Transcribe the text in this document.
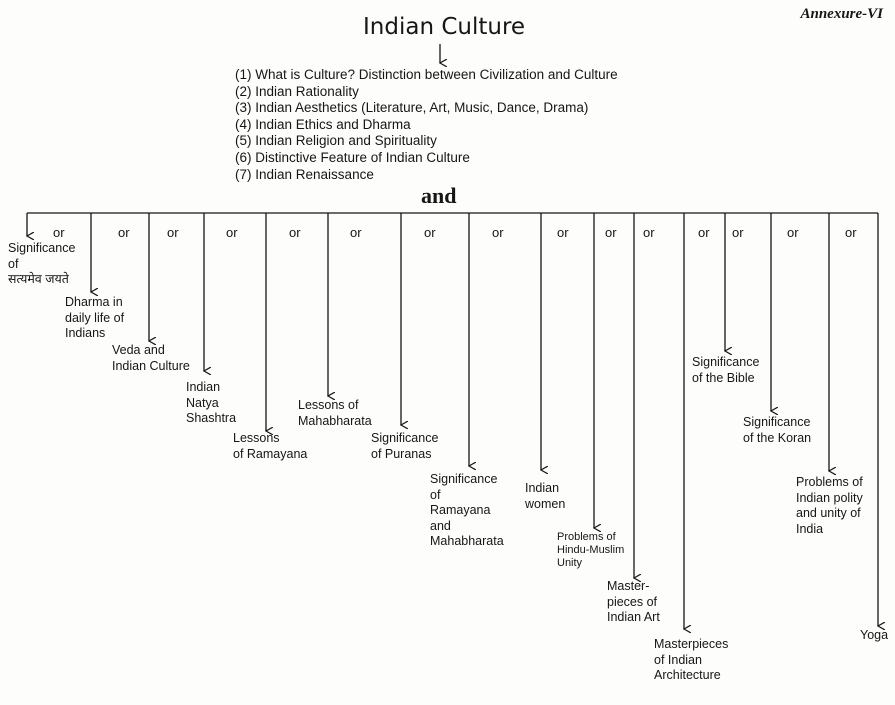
Annexure-VI
Indian Culture
(1) What is Culture? Distinction between Civilization and Culture
(2) Indian Rationality
(3) Indian Aesthetics (Literature, Art, Music, Dance, Drama)
(4) Indian Ethics and Dharma
(5) Indian Religion and Spirituality
(6) Distinctive Feature of Indian Culture
(7) Indian Renaissance
and
or	or	or	or	or	or	or	or	or	or or	or or	or	or
Significance
of
सत्यमेव जयते
Dharma in
daily life of
Indians
Veda and
Indian Culture
Indian
Natya
Shashtra
Lessons
of Ramayana
Lessons of
Mahabharata
Significance
of Puranas
Significance
of
Ramayana
and
Mahabharata
Indian
women
Problems of
Hindu-Muslim
Unity
Master-
pieces of
Indian Art
Masterpieces
of Indian
Architecture
Significance
of the Bible
Significance
of the Koran
Problems of
Indian polity
and unity of
India
Yoga
